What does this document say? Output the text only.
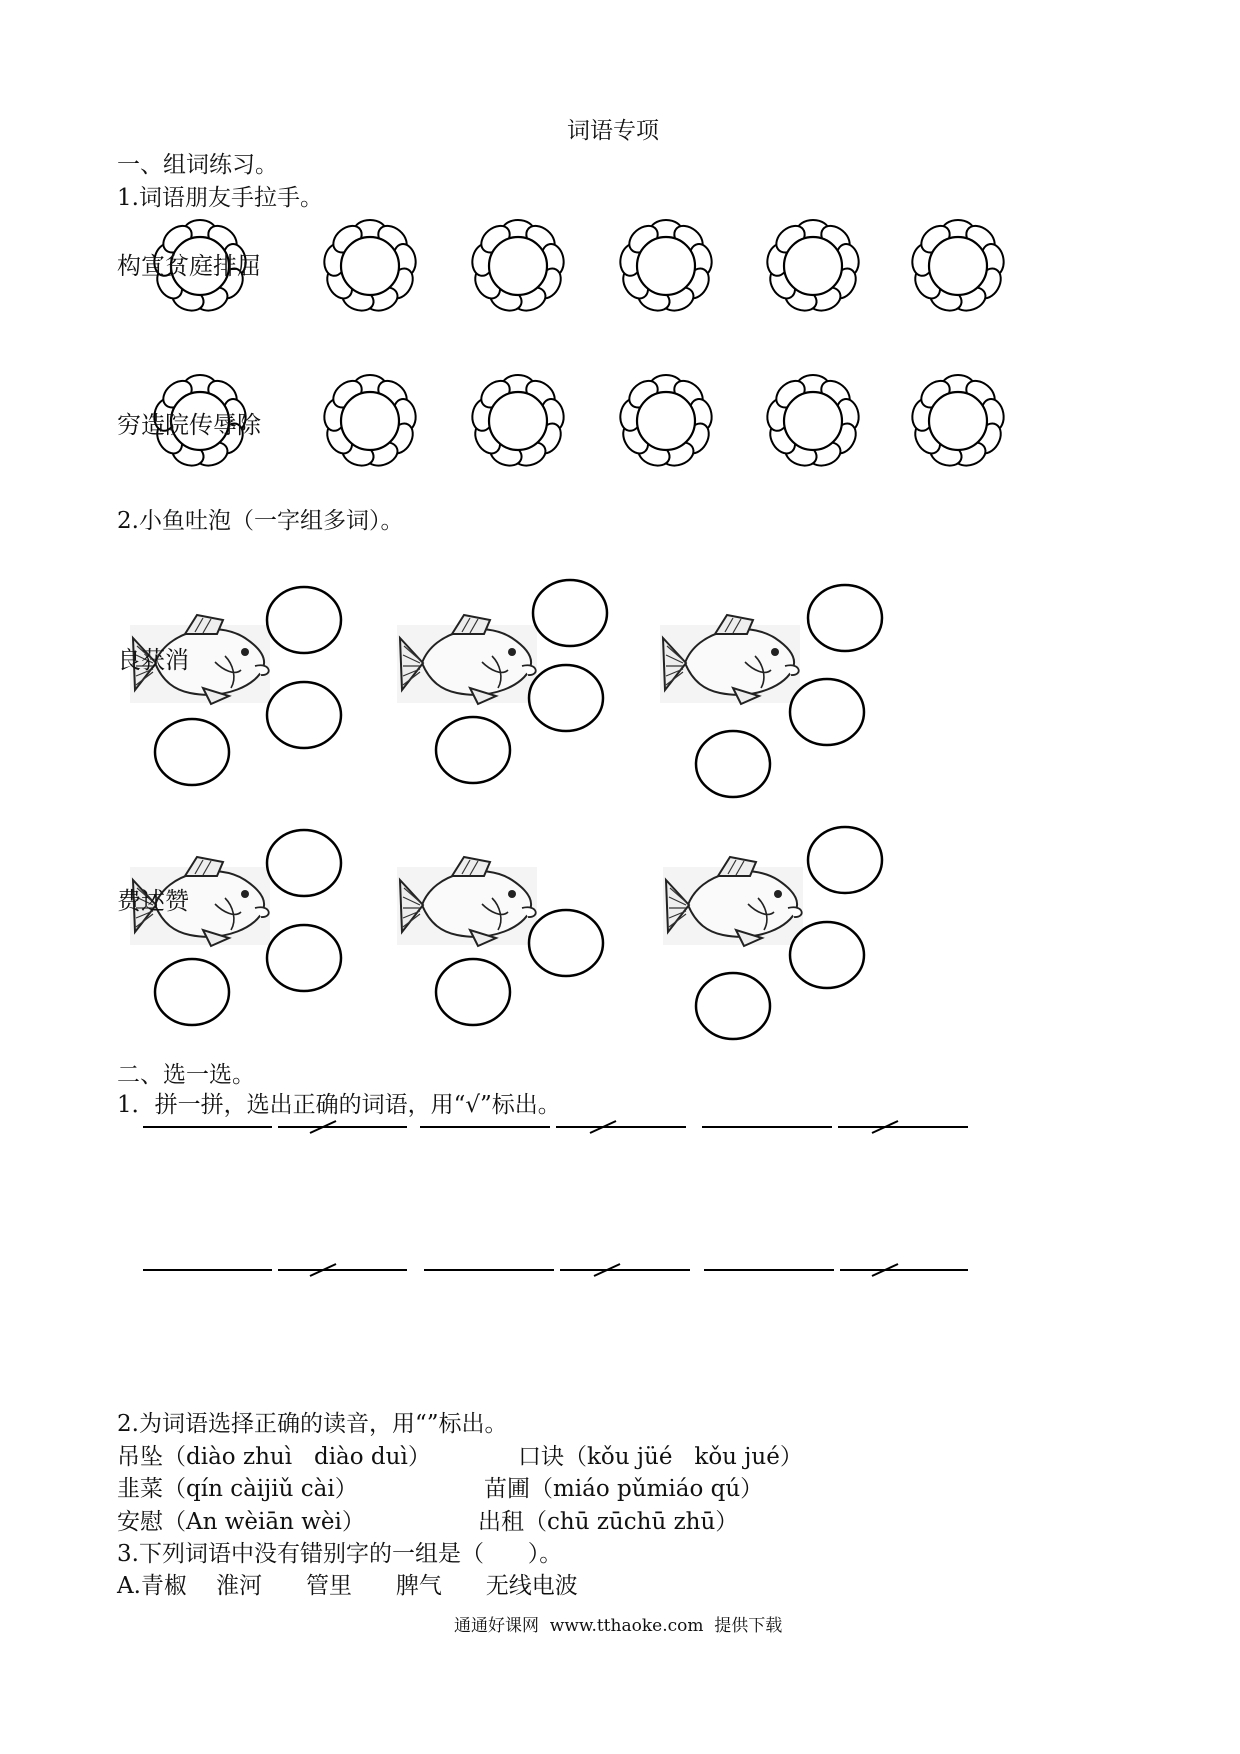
词语专项
一、组词练习。
1.词语朋友手拉手。
构宣贫庭排屈
穷造院传辱除
2.小鱼吐泡（一字组多词）。
良获消
费述赞
二、选一选。
1．拼一拼，选出正确的词语，用“√”标出。
2.为词语选择正确的读音，用“”标出。
吊坠（diào zhuì   diào duì）	口诀（kǒu jüé   kǒu jué）
韭菜（qín càijiǔ cài）	苗圃（miáo pǔmiáo qú）
安慰（An wèiān wèi）	出租（chū zūchū zhū）
3.下列词语中没有错别字的一组是（      ）。
A.青椒    淮河      管里      脾气      无线电波
通通好课网  www.tthaoke.com  提供下载
